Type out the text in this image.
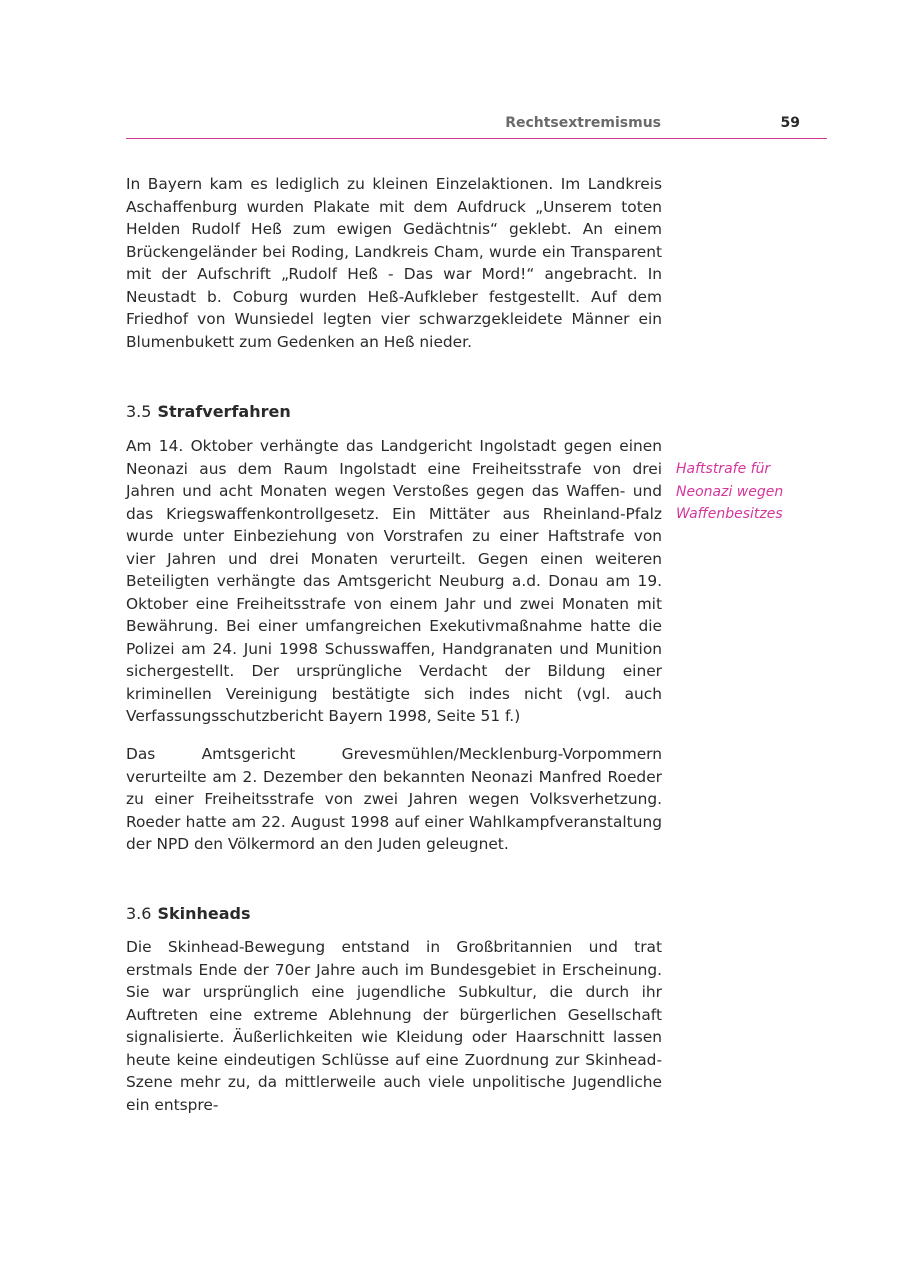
Rechtsextremismus	59

In Bayern kam es lediglich zu kleinen Einzelaktionen. Im Landkreis Aschaffenburg wurden Plakate mit dem Aufdruck „Unserem toten Helden Rudolf Heß zum ewigen Gedächtnis“ geklebt. An einem Brückengeländer bei Roding, Landkreis Cham, wurde ein Transparent mit der Aufschrift „Rudolf Heß - Das war Mord!“ angebracht. In Neustadt b. Coburg wurden Heß-Aufkleber festgestellt. Auf dem Friedhof von Wunsiedel legten vier schwarzgekleidete Männer ein Blumenbukett zum Gedenken an Heß nieder.

3.5 Strafverfahren

Am 14. Oktober verhängte das Landgericht Ingolstadt gegen einen Neonazi aus dem Raum Ingolstadt eine Freiheitsstrafe von drei Jahren und acht Monaten wegen Verstoßes gegen das Waffen- und das Kriegswaffenkontrollgesetz. Ein Mittäter aus Rheinland-Pfalz wurde unter Einbeziehung von Vorstrafen zu einer Haftstrafe von vier Jahren und drei Monaten verurteilt. Gegen einen weiteren Beteiligten verhängte das Amtsgericht Neuburg a.d. Donau am 19. Oktober eine Freiheitsstrafe von einem Jahr und zwei Monaten mit Bewährung. Bei einer umfangreichen Exekutivmaßnahme hatte die Polizei am 24. Juni 1998 Schusswaffen, Handgranaten und Munition sichergestellt. Der ursprüngliche Verdacht der Bildung einer kriminellen Vereinigung bestätigte sich indes nicht (vgl. auch Verfassungsschutzbericht Bayern 1998, Seite 51 f.)

Haftstrafe für
Neonazi wegen
Waffenbesitzes

Das Amtsgericht Grevesmühlen/Mecklenburg-Vorpommern verurteilte am 2. Dezember den bekannten Neonazi Manfred Roeder zu einer Freiheitsstrafe von zwei Jahren wegen Volksverhetzung. Roeder hatte am 22. August 1998 auf einer Wahlkampfveranstaltung der NPD den Völkermord an den Juden geleugnet.

3.6 Skinheads

Die Skinhead-Bewegung entstand in Großbritannien und trat erstmals Ende der 70er Jahre auch im Bundesgebiet in Erscheinung. Sie war ursprünglich eine jugendliche Subkultur, die durch ihr Auftreten eine extreme Ablehnung der bürgerlichen Gesellschaft signalisierte. Äußerlichkeiten wie Kleidung oder Haarschnitt lassen heute keine eindeutigen Schlüsse auf eine Zuordnung zur Skinhead-Szene mehr zu, da mittlerweile auch viele unpolitische Jugendliche ein entspre-
